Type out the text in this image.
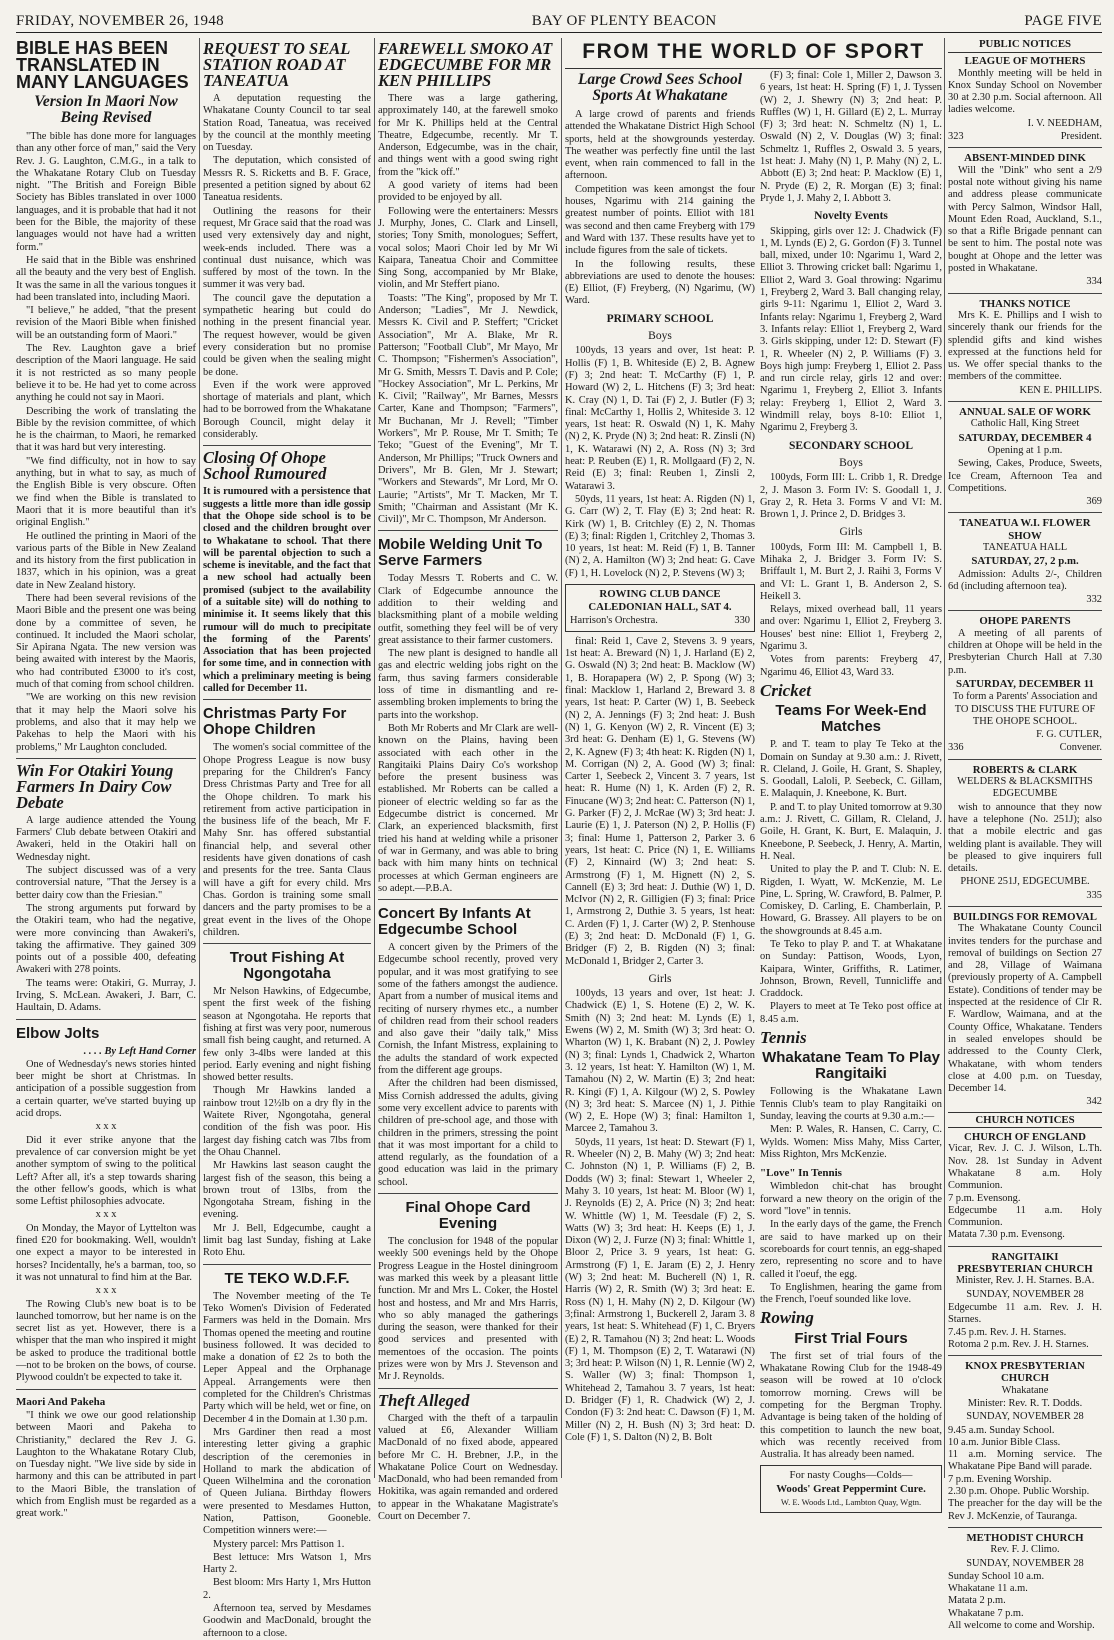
FRIDAY, NOVEMBER 26, 1948	BAY OF PLENTY BEACON	PAGE FIVE
BIBLE HAS BEEN TRANSLATED IN MANY LANGUAGES
Version In Maori Now Being Revised

"The bible has done more for languages than any other force of man," said the Very Rev. J. G. Laughton, C.M.G., in a talk to the Whakatane Rotary Club on Tuesday night. "The British and Foreign Bible Society has Bibles translated in over 1000 languages, and it is probable that had it not been for the Bible, the majority of these languages would not have had a written form."

He said that in the Bible was enshrined all the beauty and the very best of English. It was the same in all the various tongues it had been translated into, including Maori.

"I believe," he added, "that the present revision of the Maori Bible when finished will be an outstanding form of Maori."

The Rev. Laughton gave a brief description of the Maori language. He said it is not restricted as so many people believe it to be. He had yet to come across anything he could not say in Maori.

Describing the work of translating the Bible by the revision committee, of which he is the chairman, to Maori, he remarked that it was hard but very interesting.

"We find difficulty, not in how to say anything, but in what to say, as much of the English Bible is very obscure. Often we find when the Bible is translated to Maori that it is more beautiful than it's original English."

He outlined the printing in Maori of the various parts of the Bible in New Zealand and its history from the first publication in 1837, which in his opinion, was a great date in New Zealand history.

There had been several revisions of the Maori Bible and the present one was being done by a committee of seven, he continued. It included the Maori scholar, Sir Apirana Ngata. The new version was being awaited with interest by the Maoris, who had contributed £3000 to it's cost, much of that coming from school children.

"We are working on this new revision that it may help the Maori solve his problems, and also that it may help we Pakehas to help the Maori with his problems," Mr Laughton concluded.

Win For Otakiri Young Farmers In Dairy Cow Debate

A large audience attended the Young Farmers' Club debate between Otakiri and Awakeri, held in the Otakiri hall on Wednesday night.

The subject discussed was of a very controversial nature, "That the Jersey is a better dairy cow than the Friesian."

The strong arguments put forward by the Otakiri team, who had the negative, were more convincing than Awakeri's, taking the affirmative. They gained 309 points out of a possible 400, defeating Awakeri with 278 points.

The teams were: Otakiri, G. Murray, J. Irving, S. McLean. Awakeri, J. Barr, C. Haultain, D. Adams.

Elbow Jolts

. . . . By Left Hand Corner

One of Wednesday's news stories hinted beer might be short at Christmas. In anticipation of a possible suggestion from a certain quarter, we've started buying up acid drops.

x x x

Did it ever strike anyone that the prevalence of car conversion might be yet another symptom of swing to the political Left? After all, it's a step towards sharing the other fellow's goods, which is what some Leftist philosophies advocate.

x x x

On Monday, the Mayor of Lyttelton was fined £20 for bookmaking. Well, wouldn't one expect a mayor to be interested in horses? Incidentally, he's a barman, too, so it was not unnatural to find him at the Bar.

x x x

The Rowing Club's new boat is to be launched tomorrow, but her name is on the secret list as yet. However, there is a whisper that the man who inspired it might be asked to produce the traditional bottle —not to be broken on the bows, of course. Plywood couldn't be expected to take it.

Maori And Pakeha

"I think we owe our good relationship between Maori and Pakeha to Christianity," declared the Rev J. G. Laughton to the Whakatane Rotary Club, on Tuesday night. "We live side by side in harmony and this can be attributed in part to the Maori Bible, the translation of which from English must be regarded as a great work."

REQUEST TO SEAL STATION ROAD AT TANEATUA

A deputation requesting the Whakatane County Council to tar seal Station Road, Taneatua, was received by the council at the monthly meeting on Tuesday.

The deputation, which consisted of Messrs R. S. Ricketts and B. F. Grace, presented a petition signed by about 62 Taneatua residents.

Outlining the reasons for their request, Mr Grace said that the road was used very extensively day and night, week-ends included. There was a continual dust nuisance, which was suffered by most of the town. In the summer it was very bad.

The council gave the deputation a sympathetic hearing but could do nothing in the present financial year. The request however, would be given every consideration but no promise could be given when the sealing might be done.

Even if the work were approved shortage of materials and plant, which had to be borrowed from the Whakatane Borough Council, might delay it considerably.

Closing Of Ohope School Rumoured

It is rumoured with a persistence that suggests a little more than idle gossip that the Ohope side school is to be closed and the children brought over to Whakatane to school. That there will be parental objection to such a scheme is inevitable, and the fact that a new school had actually been promised (subject to the availability of a suitable site) will do nothing to minimise it. It seems likely that this rumour will do much to precipitate the forming of the Parents' Association that has been projected for some time, and in connection with which a preliminary meeting is being called for December 11.

Christmas Party For Ohope Children

The women's social committee of the Ohope Progress League is now busy preparing for the Children's Fancy Dress Christmas Party and Tree for all the Ohope children. To mark his retirement from active participation in the business life of the beach, Mr F. Mahy Snr. has offered substantial financial help, and several other residents have given donations of cash and presents for the tree. Santa Claus will have a gift for every child. Mrs Chas. Gordon is training some small dancers and the party promises to be a great event in the lives of the Ohope children.

Trout Fishing At Ngongotaha

Mr Nelson Hawkins, of Edgecumbe, spent the first week of the fishing season at Ngongotaha. He reports that fishing at first was very poor, numerous small fish being caught, and returned. A few only 3-4lbs were landed at this period. Early evening and night fishing showed better results.

Though Mr Hawkins landed a rainbow trout 12½lb on a dry fly in the Waitete River, Ngongotaha, general condition of the fish was poor. His largest day fishing catch was 7lbs from the Ohau Channel.

Mr Hawkins last season caught the largest fish of the season, this being a brown trout of 13lbs, from the Ngongotaha Stream, fishing in the evening.

Mr J. Bell, Edgecumbe, caught a limit bag last Sunday, fishing at Lake Roto Ehu.

TE TEKO W.D.F.F.

The November meeting of the Te Teko Women's Division of Federated Farmers was held in the Domain. Mrs Thomas opened the meeting and routine business followed. It was decided to make a donation of £2 2s to both the Leper Appeal and the Orphanage Appeal. Arrangements were then completed for the Children's Christmas Party which will be held, wet or fine, on December 4 in the Domain at 1.30 p.m.

Mrs Gardiner then read a most interesting letter giving a graphic description of the ceremonies in Holland to mark the abdication of Queen Wilhelmina and the coronation of Queen Juliana. Birthday flowers were presented to Mesdames Hutton, Nation, Pattison, Gooneble. Competition winners were:—

Mystery parcel: Mrs Pattison 1.

Best lettuce: Mrs Watson 1, Mrs Harty 2.

Best bloom: Mrs Harty 1, Mrs Hutton 2.

Afternoon tea, served by Mesdames Goodwin and MacDonald, brought the afternoon to a close.

FAREWELL SMOKO AT EDGECUMBE FOR MR KEN PHILLIPS

There was a large gathering, approximately 140, at the farewell smoko for Mr K. Phillips held at the Central Theatre, Edgecumbe, recently. Mr T. Anderson, Edgecumbe, was in the chair, and things went with a good swing right from the "kick off."

A good variety of items had been provided to be enjoyed by all.

Following were the entertainers: Messrs J. Murphy, Jones, C. Clark and Linsell, stories; Tony Smith, monologues; Seffert, vocal solos; Maori Choir led by Mr Wi Kaipara, Taneatua Choir and Committee Sing Song, accompanied by Mr Blake, violin, and Mr Steffert piano.

Toasts: "The King", proposed by Mr T. Anderson; "Ladies", Mr J. Newdick, Messrs K. Civil and P. Steffert; "Cricket Association", Mr A. Blake, Mr R. Patterson; "Football Club", Mr Mayo, Mr C. Thompson; "Fishermen's Association", Mr G. Smith, Messrs T. Davis and P. Cole; "Hockey Association", Mr L. Perkins, Mr K. Civil; "Railway", Mr Barnes, Messrs Carter, Kane and Thompson; "Farmers", Mr Buchanan, Mr J. Revell; "Timber Workers", Mr P. Rouse, Mr T. Smith; Te Teko; "Guest of the Evening", Mr T. Anderson, Mr Phillips; "Truck Owners and Drivers", Mr B. Glen, Mr J. Stewart; "Workers and Stewards", Mr Lord, Mr O. Laurie; "Artists", Mr T. Macken, Mr T. Smith; "Chairman and Assistant (Mr K. Civil)", Mr C. Thompson, Mr Anderson.

Mobile Welding Unit To Serve Farmers

Today Messrs T. Roberts and C. W. Clark of Edgecumbe announce the addition to their welding and blacksmithing plant of a mobile welding outfit, something they feel will be of very great assistance to their farmer customers.

The new plant is designed to handle all gas and electric welding jobs right on the farm, thus saving farmers considerable loss of time in dismantling and re-assembling broken implements to bring the parts into the workshop.

Both Mr Roberts and Mr Clark are well-known on the Plains, having been associated with each other in the Rangitaiki Plains Dairy Co's workshop before the present business was established. Mr Roberts can be called a pioneer of electric welding so far as the Edgecumbe district is concerned. Mr Clark, an experienced blacksmith, first tried his hand at welding while a prisoner of war in Germany, and was able to bring back with him many hints on technical processes at which German engineers are so adept.—P.B.A.

Concert By Infants At Edgecumbe School

A concert given by the Primers of the Edgecumbe school recently, proved very popular, and it was most gratifying to see some of the fathers amongst the audience. Apart from a number of musical items and reciting of nursery rhymes etc., a number of children read from their school readers and also gave their "daily talk," Miss Cornish, the Infant Mistress, explaining to the adults the standard of work expected from the different age groups.

After the children had been dismissed, Miss Cornish addressed the adults, giving some very excellent advice to parents with children of pre-school age, and those with children in the primers, stressing the point that it was most important for a child to attend regularly, as the foundation of a good education was laid in the primary school.

Final Ohope Card Evening

The conclusion for 1948 of the popular weekly 500 evenings held by the Ohope Progress League in the Hostel diningroom was marked this week by a pleasant little function. Mr and Mrs L. Coker, the Hostel host and hostess, and Mr and Mrs Harris, who so ably managed the gatherings during the season, were thanked for their good services and presented with mementoes of the occasion. The points prizes were won by Mrs J. Stevenson and Mr J. Reynolds.

Theft Alleged

Charged with the theft of a tarpaulin valued at £6, Alexander William MacDonald of no fixed abode, appeared before Mr C. H. Brebner, J.P., in the Whakatane Police Court on Wednesday. MacDonald, who had been remanded from Hokitika, was again remanded and ordered to appear in the Whakatane Magistrate's Court on December 7.

FROM THE WORLD OF SPORT
Large Crowd Sees School Sports At Whakatane

A large crowd of parents and friends attended the Whakatane District High School sports, held at the showgrounds yesterday. The weather was perfectly fine until the last event, when rain commenced to fall in the afternoon.

Competition was keen amongst the four houses, Ngarimu with 214 gaining the greatest number of points. Elliot with 181 was second and then came Freyberg with 179 and Ward with 137. These results have yet to include figures from the sale of tickets.

In the following results, these abbreviations are used to denote the houses: (E) Elliot, (F) Freyberg, (N) Ngarimu, (W) Ward.

PRIMARY SCHOOL
Boys

100yds, 13 years and over, 1st heat: P. Hollis (F) 1, B. Whiteside (E) 2, B. Agnew (F) 3; 2nd heat: T. McCarthy (F) 1, P. Howard (W) 2, L. Hitchens (F) 3; 3rd heat: K. Cray (N) 1, D. Tai (F) 2, J. Butler (F) 3; final: McCarthy 1, Hollis 2, Whiteside 3. 12 years, 1st heat: R. Oswald (N) 1, K. Mahy (N) 2, K. Pryde (N) 3; 2nd heat: R. Zinsli (N) 1, K. Watarawi (N) 2, A. Ross (N) 3; 3rd heat: P. Reuben (E) 1, R. Mollgaard (F) 2, N. Reid (E) 3; final: Reuben 1, Zinsli 2, Watarawi 3.

50yds, 11 years, 1st heat: A. Rigden (N) 1, G. Carr (W) 2, T. Flay (E) 3; 2nd heat: R. Kirk (W) 1, B. Critchley (E) 2, N. Thomas (E) 3; final: Rigden 1, Critchley 2, Thomas 3. 10 years, 1st heat: M. Reid (F) 1, B. Tanner (N) 2, A. Hamilton (W) 3; 2nd heat: G. Cave (F) 1, H. Lovelock (N) 2, P. Stevens (W) 3;

ROWING CLUB DANCE

CALEDONIAN HALL, SAT 4.

Harrison's Orchestra.	330

final: Reid 1, Cave 2, Stevens 3. 9 years, 1st heat: A. Breward (N) 1, J. Harland (E) 2, G. Oswald (N) 3; 2nd heat: B. Macklow (W) 1, B. Horapapera (W) 2, P. Spong (W) 3; final: Macklow 1, Harland 2, Breward 3. 8 years, 1st heat: P. Carter (W) 1, B. Seebeck (N) 2, A. Jennings (F) 3; 2nd heat: J. Bush (N) 1, G. Kenyon (W) 2, R. Vincent (E) 3; 3rd heat: G. Denham (E) 1, G. Stevens (W) 2, K. Agnew (F) 3; 4th heat: K. Rigden (N) 1, M. Corrigan (N) 2, A. Good (W) 3; final: Carter 1, Seebeck 2, Vincent 3. 7 years, 1st heat: R. Hume (N) 1, K. Arden (F) 2, R. Finucane (W) 3; 2nd heat: C. Patterson (N) 1, G. Parker (F) 2, J. McRae (W) 3; 3rd heat: J. Laurie (E) 1, J. Paterson (N) 2, P. Hollis (F) 3; final: Hume 1, Patterson 2, Parker 3. 6 years, 1st heat: C. Price (N) 1, E. Williams (F) 2, Kinnaird (W) 3; 2nd heat: S. Armstrong (F) 1, M. Hignett (N) 2, S. Cannell (E) 3; 3rd heat: J. Duthie (W) 1, D. McIvor (N) 2, R. Gilligien (F) 3; final: Price 1, Armstrong 2, Duthie 3. 5 years, 1st heat: C. Arden (F) 1, J. Carter (W) 2, P. Stenhouse (E) 3; 2nd heat: D. McDonald (F) 1, G. Bridger (F) 2, B. Rigden (N) 3; final: McDonald 1, Bridger 2, Carter 3.

Girls

100yds, 13 years and over, 1st heat: J. Chadwick (E) 1, S. Hotene (E) 2, W. K. Smith (N) 3; 2nd heat: M. Lynds (E) 1, Ewens (W) 2, M. Smith (W) 3; 3rd heat: O. Wharton (W) 1, K. Brabant (N) 2, J. Powley (N) 3; final: Lynds 1, Chadwick 2, Wharton 3. 12 years, 1st heat: Y. Hamilton (W) 1, M. Tamahou (N) 2, W. Martin (E) 3; 2nd heat: R. Kingi (F) 1, A. Kilgour (W) 2, S. Powley (N) 3; 3rd heat: S. Marcee (N) 1, J. Pithie (W) 2, E. Hope (W) 3; final: Hamilton 1, Marcee 2, Tamahou 3.

50yds, 11 years, 1st heat: D. Stewart (F) 1, R. Wheeler (N) 2, B. Mahy (W) 3; 2nd heat: C. Johnston (N) 1, P. Williams (F) 2, B. Dodds (W) 3; final: Stewart 1, Wheeler 2, Mahy 3. 10 years, 1st heat: M. Bloor (W) 1, J. Reynolds (E) 2, A. Price (N) 3; 2nd heat: W. Whittle (W) 1, M. Teesdale (F) 2, S. Watts (W) 3; 3rd heat: H. Keeps (E) 1, J. Dixon (W) 2, J. Furze (N) 3; final: Whittle 1, Bloor 2, Price 3. 9 years, 1st heat: G. Armstrong (F) 1, E. Jaram (E) 2, J. Henry (W) 3; 2nd heat: M. Bucherell (N) 1, R. Harris (W) 2, R. Smith (W) 3; 3rd heat: E. Ross (N) 1, H. Mahy (N) 2, D. Kilgour (W) 3;final: Armstrong 1, Buckerell 2, Jaram 3. 8 years, 1st heat: S. Whitehead (F) 1, C. Bryers (E) 2, R. Tamahou (N) 3; 2nd heat: L. Woods (F) 1, M. Thompson (E) 2, T. Watarawi (N) 3; 3rd heat: P. Wilson (N) 1, R. Lennie (W) 2, S. Waller (W) 3; final: Thompson 1, Whitehead 2, Tamahou 3. 7 years, 1st heat: D. Bridger (F) 1, R. Chadwick (W) 2, J. Condon (F) 3: 2nd heat: C. Dawson (F) 1, M. Miller (N) 2, H. Bush (N) 3; 3rd heat: D. Cole (F) 1, S. Dalton (N) 2, B. Bolt

(F) 3; final: Cole 1, Miller 2, Dawson 3. 6 years, 1st heat: H. Spring (F) 1, J. Tyssen (W) 2, J. Shewry (N) 3; 2nd heat: P. Ruffles (W) 1, H. Gillard (E) 2, L. Murray (F) 3; 3rd heat: N. Schmeltz (N) 1, L. Oswald (N) 2, V. Douglas (W) 3; final: Schmeltz 1, Ruffles 2, Oswald 3. 5 years, 1st heat: J. Mahy (N) 1, P. Mahy (N) 2, L. Abbott (E) 3; 2nd heat: P. Macklow (E) 1, N. Pryde (E) 2, R. Morgan (E) 3; final: Pryde 1, J. Mahy 2, I. Abbott 3.

Novelty Events

Skipping, girls over 12: J. Chadwick (F) 1, M. Lynds (E) 2, G. Gordon (F) 3. Tunnel ball, mixed, under 10: Ngarimu 1, Ward 2, Elliot 3. Throwing cricket ball: Ngarimu 1, Elliot 2, Ward 3. Goal throwing: Ngarimu 1, Freyberg 2, Ward 3. Ball changing relay, girls 9-11: Ngarimu 1, Elliot 2, Ward 3. Infants relay: Ngarimu 1, Freyberg 2, Ward 3. Infants relay: Elliot 1, Freyberg 2, Ward 3. Girls skipping, under 12: D. Stewart (F) 1, R. Wheeler (N) 2, P. Williams (F) 3. Boys high jump: Freyberg 1, Elliot 2. Pass and run circle relay, girls 12 and over: Ngarimu 1, Freyberg 2, Elliot 3. Infants relay: Freyberg 1, Elliot 2, Ward 3. Windmill relay, boys 8-10: Elliot 1, Ngarimu 2, Freyberg 3.

SECONDARY SCHOOL
Boys

100yds, Form III: L. Cribb 1, R. Dredge 2, J. Mason 3. Form IV: S. Goodall 1, J. Gray 2, R. Heta 3. Forms V and VI: M. Brown 1, J. Prince 2, D. Bridges 3.

Girls

100yds, Form III: M. Campbell 1, B. Mihaka 2, J. Bridger 3. Form IV: S. Briffault 1, M. Burt 2, J. Raihi 3, Forms V and VI: L. Grant 1, B. Anderson 2, S. Heikell 3.

Relays, mixed overhead ball, 11 years and over: Ngarimu 1, Elliot 2, Freyberg 3. Houses' best nine: Elliot 1, Freyberg 2, Ngarimu 3.

Votes from parents: Freyberg 47, Ngarimu 46, Elliot 43, Ward 33.

Cricket
Teams For Week-End Matches

P. and T. team to play Te Teko at the Domain on Sunday at 9.30 a.m.: J. Rivett, R. Cleland, J. Goile, H. Grant, S. Shapley, S. Goodall, Laloli, P. Seebeck, C. Gillam, E. Malaquin, J. Kneebone, K. Burt.

P. and T. to play United tomorrow at 9.30 a.m.: J. Rivett, C. Gillam, R. Cleland, J. Goile, H. Grant, K. Burt, E. Malaquin, J. Kneebone, P. Seebeck, J. Henry, A. Martin, H. Neal.

United to play the P. and T. Club: N. E. Rigden, I. Wyatt, W. McKenzie, M. Le Pine, L. Spring, W. Crawford, B. Palmer, P. Comiskey, D. Carling, E. Chamberlain, P. Howard, G. Brassey. All players to be on the showgrounds at 8.45 a.m.

Te Teko to play P. and T. at Whakatane on Sunday: Pattison, Woods, Lyon, Kaipara, Winter, Griffiths, R. Latimer, Johnson, Brown, Revell, Tunnicliffe and Craddock.

Players to meet at Te Teko post office at 8.45 a.m.

Tennis
Whakatane Team To Play Rangitaiki

Following is the Whakatane Lawn Tennis Club's team to play Rangitaiki on Sunday, leaving the courts at 9.30 a.m.:—

Men: P. Wales, R. Hansen, C. Carry, C. Wylds. Women: Miss Mahy, Miss Carter, Miss Righton, Mrs McKenzie.

"Love" In Tennis

Wimbledon chit-chat has brought forward a new theory on the origin of the word "love" in tennis.

In the early days of the game, the French are said to have marked up on their scoreboards for court tennis, an egg-shaped zero, representing no score and to have called it l'oeuf, the egg.

To Englishmen, hearing the game from the French, l'oeuf sounded like love.

Rowing
First Trial Fours

The first set of trial fours of the Whakatane Rowing Club for the 1948-49 season will be rowed at 10 o'clock tomorrow morning. Crews will be competing for the Bergman Trophy. Advantage is being taken of the holding of this competition to launch the new boat, which was recently received from Australia. It has already been named.

For nasty Coughs—Colds—

Woods' Great Peppermint Cure.

W. E. Woods Ltd., Lambton Quay, Wgtn.

PUBLIC NOTICES
LEAGUE OF MOTHERS

Monthly meeting will be held in Knox Sunday School on November 30 at 2.30 p.m. Social afternoon. All ladies welcome.

I. V. NEEDHAM,

323	President.

ABSENT-MINDED DINK

Will the "Dink" who sent a 2/9 postal note without giving his name and address please communicate with Percy Salmon, Windsor Hall, Mount Eden Road, Auckland, S.1., so that a Rifle Brigade pennant can be sent to him. The postal note was bought at Ohope and the letter was posted in Whakatane.

334

THANKS NOTICE

Mrs K. E. Phillips and I wish to sincerely thank our friends for the splendid gifts and kind wishes expressed at the functions held for us. We offer special thanks to the members of the committee.

KEN E. PHILLIPS.

ANNUAL SALE OF WORK

Catholic Hall, King Street

SATURDAY, DECEMBER 4

Opening at 1 p.m.

Sewing, Cakes, Produce, Sweets, Ice Cream, Afternoon Tea and Competitions.

369

TANEATUA W.I. FLOWER SHOW

TANEATUA HALL

SATURDAY, 27, 2 p.m.

Admission: Adults 2/-, Children 6d (including afternoon tea).

332

OHOPE PARENTS

A meeting of all parents of children at Ohope will be held in the Presbyterian Church Hall at 7.30 p.m.

SATURDAY, DECEMBER 11

To form a Parents' Association and TO DISCUSS THE FUTURE OF THE OHOPE SCHOOL.

F. G. CUTLER,

336	Convener.

ROBERTS & CLARK

WELDERS & BLACKSMITHS EDGECUMBE

wish to announce that they now have a telephone (No. 251J); also that a mobile electric and gas welding plant is available. They will be pleased to give inquirers full details.

PHONE 251J, EDGECUMBE.

335

BUILDINGS FOR REMOVAL

The Whakatane County Council invites tenders for the purchase and removal of buildings on Section 27 and 28, Village of Waimana (previously property of A. Campbell Estate). Conditions of tender may be inspected at the residence of Clr R. F. Wardlow, Waimana, and at the County Office, Whakatane. Tenders in sealed envelopes should be addressed to the County Clerk, Whakatane, with whom tenders close at 4.00 p.m. on Tuesday, December 14.

342

CHURCH NOTICES
CHURCH OF ENGLAND

Vicar, Rev. J. C. J. Wilson, L.Th. Nov. 28. 1st Sunday in Advent Whakatane 8 a.m. Holy Communion.
7 p.m. Evensong.
Edgecumbe 11 a.m. Holy Communion.
Matata 7.30 p.m. Evensong.

RANGITAIKI PRESBYTERIAN CHURCH

Minister, Rev. J. H. Starnes. B.A.

SUNDAY, NOVEMBER 28

Edgecumbe 11 a.m. Rev. J. H. Starnes.
7.45 p.m. Rev. J. H. Starnes.
Rotoma 2 p.m. Rev. J. H. Starnes.

KNOX PRESBYTERIAN CHURCH

Whakatane

Minister: Rev. R. T. Dodds.

SUNDAY, NOVEMBER 28

9.45 a.m. Sunday School.
10 a.m. Junior Bible Class.
11 a.m. Morning service. The Whakatane Pipe Band will parade.
7 p.m. Evening Worship.
2.30 p.m. Ohope. Public Worship.
The preacher for the day will be the Rev J. McKenzie, of Tauranga.

METHODIST CHURCH

Rev. F. J. Climo.

SUNDAY, NOVEMBER 28

Sunday School 10 a.m.
Whakatane 11 a.m.
Matata 2 p.m.
Whakatane 7 p.m.
All welcome to come and Worship.
